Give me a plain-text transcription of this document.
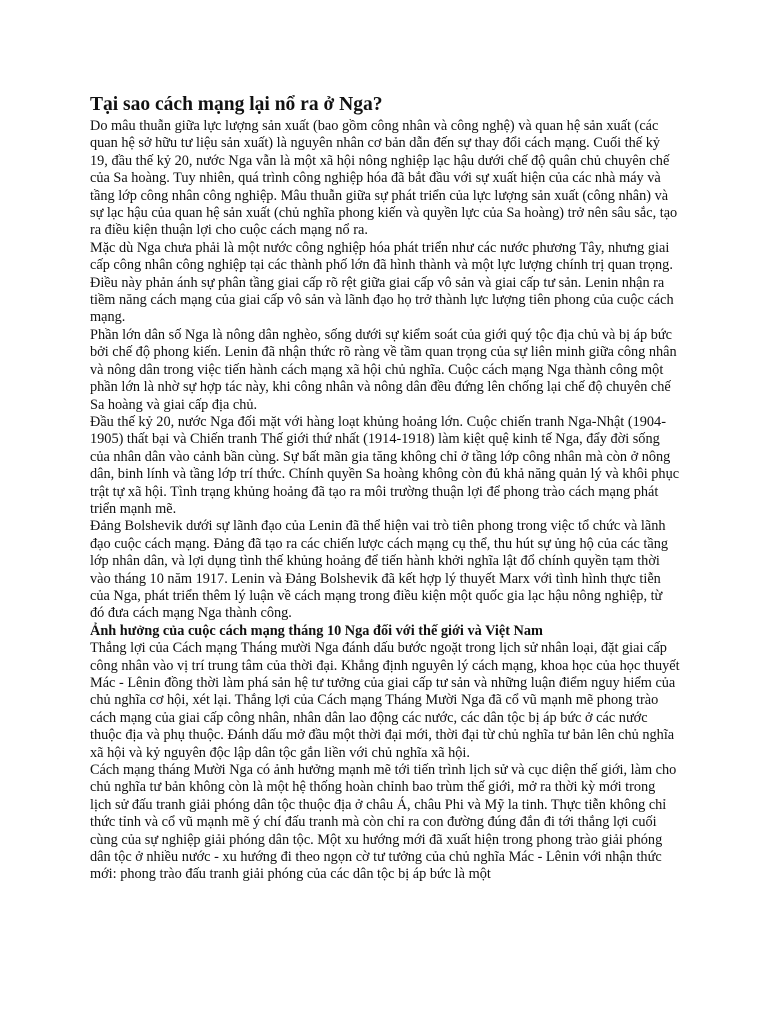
Tại sao cách mạng lại nổ ra ở Nga?

Do mâu thuẫn giữa lực lượng sản xuất (bao gồm công nhân và công nghệ) và quan hệ sản xuất (các quan hệ sở hữu tư liệu sản xuất) là nguyên nhân cơ bản dẫn đến sự thay đổi cách mạng. Cuối thế kỷ 19, đầu thế kỷ 20, nước Nga vẫn là một xã hội nông nghiệp lạc hậu dưới chế độ quân chủ chuyên chế của Sa hoàng. Tuy nhiên, quá trình công nghiệp hóa đã bắt đầu với sự xuất hiện của các nhà máy và tầng lớp công nhân công nghiệp. Mâu thuẫn giữa sự phát triển của lực lượng sản xuất (công nhân) và sự lạc hậu của quan hệ sản xuất (chủ nghĩa phong kiến và quyền lực của Sa hoàng) trở nên sâu sắc, tạo ra điều kiện thuận lợi cho cuộc cách mạng nổ ra.

Mặc dù Nga chưa phải là một nước công nghiệp hóa phát triển như các nước phương Tây, nhưng giai cấp công nhân công nghiệp tại các thành phố lớn đã hình thành và một lực lượng chính trị quan trọng. Điều này phản ánh sự phân tầng giai cấp rõ rệt giữa giai cấp vô sản và giai cấp tư sản. Lenin nhận ra tiềm năng cách mạng của giai cấp vô sản và lãnh đạo họ trở thành lực lượng tiên phong của cuộc cách mạng.

Phần lớn dân số Nga là nông dân nghèo, sống dưới sự kiểm soát của giới quý tộc địa chủ và bị áp bức bởi chế độ phong kiến. Lenin đã nhận thức rõ ràng về tầm quan trọng của sự liên minh giữa công nhân và nông dân trong việc tiến hành cách mạng xã hội chủ nghĩa. Cuộc cách mạng Nga thành công một phần lớn là nhờ sự hợp tác này, khi công nhân và nông dân đều đứng lên chống lại chế độ chuyên chế Sa hoàng và giai cấp địa chủ.

Đầu thế kỷ 20, nước Nga đối mặt với hàng loạt khủng hoảng lớn. Cuộc chiến tranh Nga-Nhật (1904-1905) thất bại và Chiến tranh Thế giới thứ nhất (1914-1918) làm kiệt quệ kinh tế Nga, đẩy đời sống của nhân dân vào cảnh bần cùng. Sự bất mãn gia tăng không chỉ ở tầng lớp công nhân mà còn ở nông dân, binh lính và tầng lớp trí thức. Chính quyền Sa hoàng không còn đủ khả năng quản lý và khôi phục trật tự xã hội. Tình trạng khủng hoảng đã tạo ra môi trường thuận lợi để phong trào cách mạng phát triển mạnh mẽ.

Đảng Bolshevik dưới sự lãnh đạo của Lenin đã thể hiện vai trò tiên phong trong việc tổ chức và lãnh đạo cuộc cách mạng. Đảng đã tạo ra các chiến lược cách mạng cụ thể, thu hút sự ủng hộ của các tầng lớp nhân dân, và lợi dụng tình thế khủng hoảng để tiến hành khởi nghĩa lật đổ chính quyền tạm thời vào tháng 10 năm 1917. Lenin và Đảng Bolshevik đã kết hợp lý thuyết Marx với tình hình thực tiễn của Nga, phát triển thêm lý luận về cách mạng trong điều kiện một quốc gia lạc hậu nông nghiệp, từ đó đưa cách mạng Nga thành công.

Ảnh hưởng của cuộc cách mạng tháng 10 Nga đối với thế giới và Việt Nam

Thắng lợi của Cách mạng Tháng mười Nga đánh dấu bước ngoặt trong lịch sử nhân loại, đặt giai cấp công nhân vào vị trí trung tâm của thời đại. Khẳng định nguyên lý cách mạng, khoa học của học thuyết Mác - Lênin đồng thời làm phá sản hệ tư tưởng của giai cấp tư sản và những luận điểm nguy hiểm của chủ nghĩa cơ hội, xét lại. Thắng lợi của Cách mạng Tháng Mười Nga đã cổ vũ mạnh mẽ phong trào cách mạng của giai cấp công nhân, nhân dân lao động các nước, các dân tộc bị áp bức ở các nước thuộc địa và phụ thuộc. Đánh dấu mở đầu một thời đại mới, thời đại từ chủ nghĩa tư bản lên chủ nghĩa xã hội và kỷ nguyên độc lập dân tộc gắn liền với chủ nghĩa xã hội.

Cách mạng tháng Mười Nga có ảnh hưởng mạnh mẽ tới tiến trình lịch sử và cục diện thế giới, làm cho chủ nghĩa tư bản không còn là một hệ thống hoàn chỉnh bao trùm thế giới, mở ra thời kỳ mới trong lịch sử đấu tranh giải phóng dân tộc thuộc địa ở châu Á, châu Phi và Mỹ la tinh. Thực tiễn không chỉ thức tỉnh và cổ vũ mạnh mẽ ý chí đấu tranh mà còn chỉ ra con đường đúng đắn đi tới thắng lợi cuối cùng của sự nghiệp giải phóng dân tộc. Một xu hướng mới đã xuất hiện trong phong trào giải phóng dân tộc ở nhiều nước - xu hướng đi theo ngọn cờ tư tưởng của chủ nghĩa Mác - Lênin với nhận thức mới: phong trào đấu tranh giải phóng của các dân tộc bị áp bức là một
